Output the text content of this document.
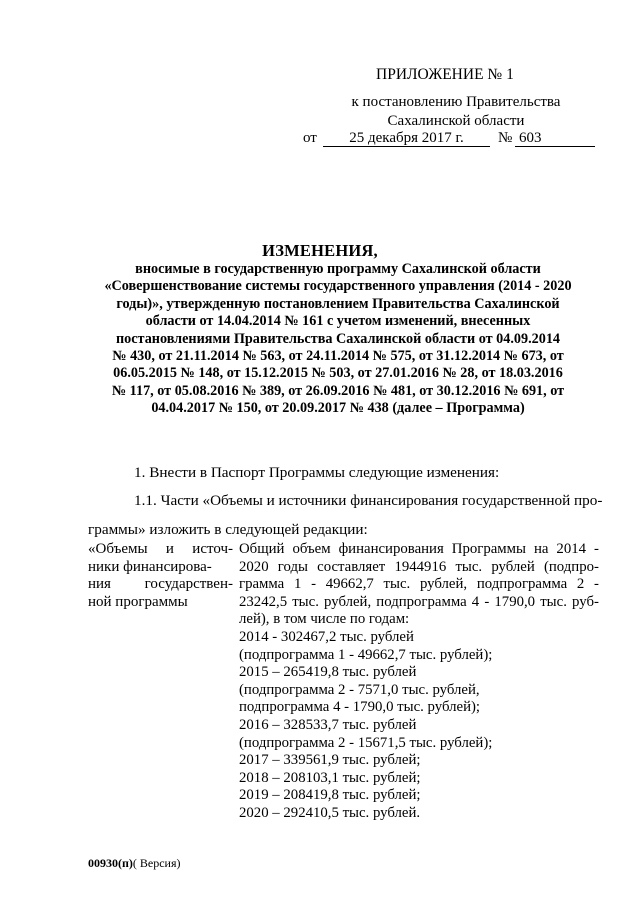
ПРИЛОЖЕНИЕ № 1
к постановлению Правительства
Сахалинской области
от	25 декабря 2017 г.	№ 603
ИЗМЕНЕНИЯ,
вносимые в государственную программу Сахалинской области
«Совершенствование системы государственного управления (2014 - 2020
годы)», утвержденную постановлением Правительства Сахалинской
области от 14.04.2014 № 161 с учетом изменений, внесенных
постановлениями Правительства Сахалинской области от 04.09.2014
№ 430, от 21.11.2014 № 563, от 24.11.2014 № 575, от 31.12.2014 № 673, от
06.05.2015 № 148, от 15.12.2015 № 503, от 27.01.2016 № 28, от 18.03.2016
№ 117, от 05.08.2016 № 389, от 26.09.2016 № 481, от 30.12.2016 № 691, от
04.04.2017 № 150, от 20.09.2017 № 438 (далее – Программа)
1. Внести в Паспорт Программы следующие изменения:
1.1. Части «Объемы и источники финансирования государственной про-
граммы» изложить в следующей редакции:
«Объемы и источ-
ники финансирова-
ния государствен-
ной программы
Общий объем финансирования Программы на 2014 -
2020 годы составляет 1944916 тыс. рублей (подпро-
грамма 1 - 49662,7 тыс. рублей, подпрограмма 2 -
23242,5 тыс. рублей, подпрограмма 4 - 1790,0 тыс. руб-
лей), в том числе по годам:
2014 - 302467,2 тыс. рублей
(подпрограмма 1 - 49662,7 тыс. рублей);
2015 – 265419,8 тыс. рублей
(подпрограмма 2 - 7571,0 тыс. рублей,
подпрограмма 4 - 1790,0 тыс. рублей);
2016 – 328533,7 тыс. рублей
(подпрограмма 2 - 15671,5 тыс. рублей);
2017 – 339561,9 тыс. рублей;
2018 – 208103,1 тыс. рублей;
2019 – 208419,8 тыс. рублей;
2020 – 292410,5 тыс. рублей.
00930(п)( Версия)
